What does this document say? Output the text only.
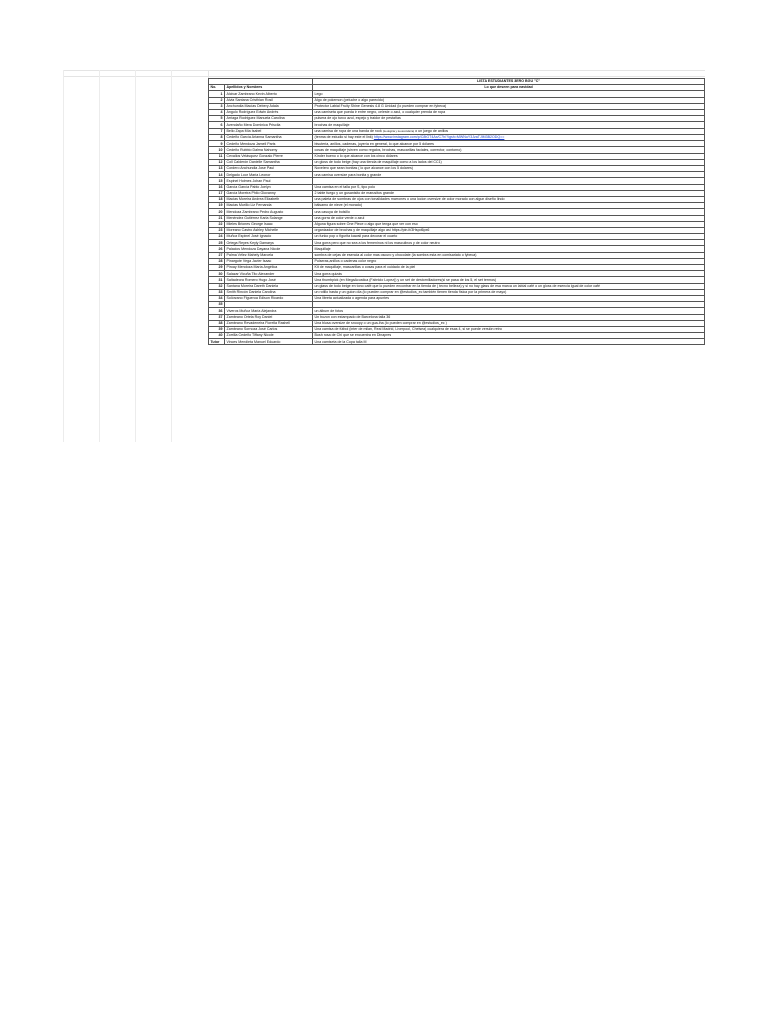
		LISTA ESTUDIANTES 3ERO BGU "C"
No.	Apellidos y Nombres	Lo que deseen para navidad
1	Alcivar Zambrano Kevin Alberto	Lego
2	Alvia Santana Cristhian Rosil	Algo de pokemon (peluche o algo parecido)
3	Anchundia Macías Debery Adala	Protector Labial Fruity Shine Genesis 4.8 G Unidad (lo pueden comprar en fybeca)
4	Angulo Rodríguez Edwin Andrés	una camiseta que pueda ir entre negro, celeste o azul, o cualquier prenda de ropa
5	Arriaga Rodriguez Manuela Carolina	pulsera de ojo turco azul, espejo y traidor de pestañas
6	Avendaño Mera Dominica Priscila	brochas de maquillaje
7	Bello Zapa Mía Isabel	una camisa de ropa de una banda de rock (la elegiría y la escondería) o un juego de anillos
8	Cedeño García Arianna Samantha	(tenma de estudio si hay este el link) https://www.instagram.com/p/C8tGT4Ax/C7h/?igsh=MWNuY3JzaTJlM3B2ODQ==
9	Cedeño Mendoza Jamell Paris	bisutería, anillos, cadenas, joyería en general, lo que alcance por 5 dólares
10	Cedeño Rubbio Dalma Nahomy	cosas de maquillaje (sirven como regalos, brochas, mascarillas faciales, corrector, contorno)
11	Cevallos Velásquez Gonzalo Pierre	Kinder bueno o lo que alcance con los cinco dólares
12	Coll Calderón Danielle Samantha	un gloss de todo beige (hay una tienda de maquillaje como a los lados del CC1)
13	Cordero Anchundia Jose Paul	Novelero que sean bonitas ( lo que alcance con los 5 dolares)
14	Delgado Loor María Leonor	una camisa oversize para bonita y grande
15	Espinel Holmes Johan Paul	
16	García García Pablo Joelyn	Una camisa en el talla por S, tipo polo
17	García Moreira Philo Giovanny	2 table fuego y un gusanisito de marusitos grande
18	Macias Moreira Andrea Elizabeth	una paleta de sombras de ojos con tonalidades marrones o una locion oversize de color morado con algun diseño lindo
19	Macias Murillo Liz Fernanda	bálsamo de nieve (el morado)
20	Mendoza Zambrano Pedro Augusto	una casuya de bolsillo
21	Menéndez Gutiérrez Karla Solange	una gorra de color verde o azul
22	Mieles Briones George Isaac	Alguna figura sobre One Piece o algo que tenga que ver con eso
23	Moreano Castro Ashley Michelle	organizador de brochas y de maquillaje algo así https://pin.it/3Hspd6px6
24	Muñoz Espinel José Ignacio	un funko pop o figurita kawaii para decorar el cuarto
25	Ortega Reyes Keyly Damarys	Una gorra pero que no sea a los femeninos ni los masculinos y de color neutro
26	Palacios Mendoza Dayana Nicole	Maquillaje
27	Palma Vélez Mahely Marcela	sombra de cejas de esencia al color mas oscuro y chocolate (la sombra esta en comisariato o fybeca)
28	Pinargote Vega Javier Isaac	Pulseras,anillos o cadenas color negro
29	Piroay Mendoza María Angélica	Kit de maquillaje, mascarillas o cosas para el cuidado de la piel
30	Salazar Vicuña Tito Alexander	Una gorra quizás
31	Saltadeora Romero Hugo José	Una thumbpick (en MegaAcustica (Fabricio Lopez)) y un set de destornilladores(si se pasa de los 5, el set termos)
32	Santana Moreira Dareth Daniela	un glass de todo beige en tono café que lo pueden encontrar en la tienda de ( tecno belleza) y si no hay glass de esa marca un labial café o un gloss de esencia igual de color café
33	Smith Rincón Daniela Carolina	un rotillo hasta y un guion día (lo pueden comprar en @estudios_ec también tienen tienda física por la primera de mayo)
34	Solórzano Figueroa Edison Ricardo	Una libreta actualizada o agenda para apuntes
35		
36	Viveros Muñoz María Alejandra	un álbum de fotos
37	Zambrano Ortela Roy Daniel	Un buzon con estampado de Barcelona talla 36
38	Zambrano Revadeneira Fiorella Rashell	Una blusa oversize de snoopy o un gua-iha (lo pueden comprar en @estudios_ec )
39	Zambrano Sornoza José Carlos	Una camisa de fútbol (inter de milan, Real Madrid, Liverpool, Chelsea) cualquiera de esas 4, si se puede versión retro
40	Zorrilla Cedeño Tiffany Nicole	Bush rosa de Chi que se encuentra en Dinapres
Tutor	Vinces Mendieta Manuel Eduardo	Una camiseta de la Copa talla M
